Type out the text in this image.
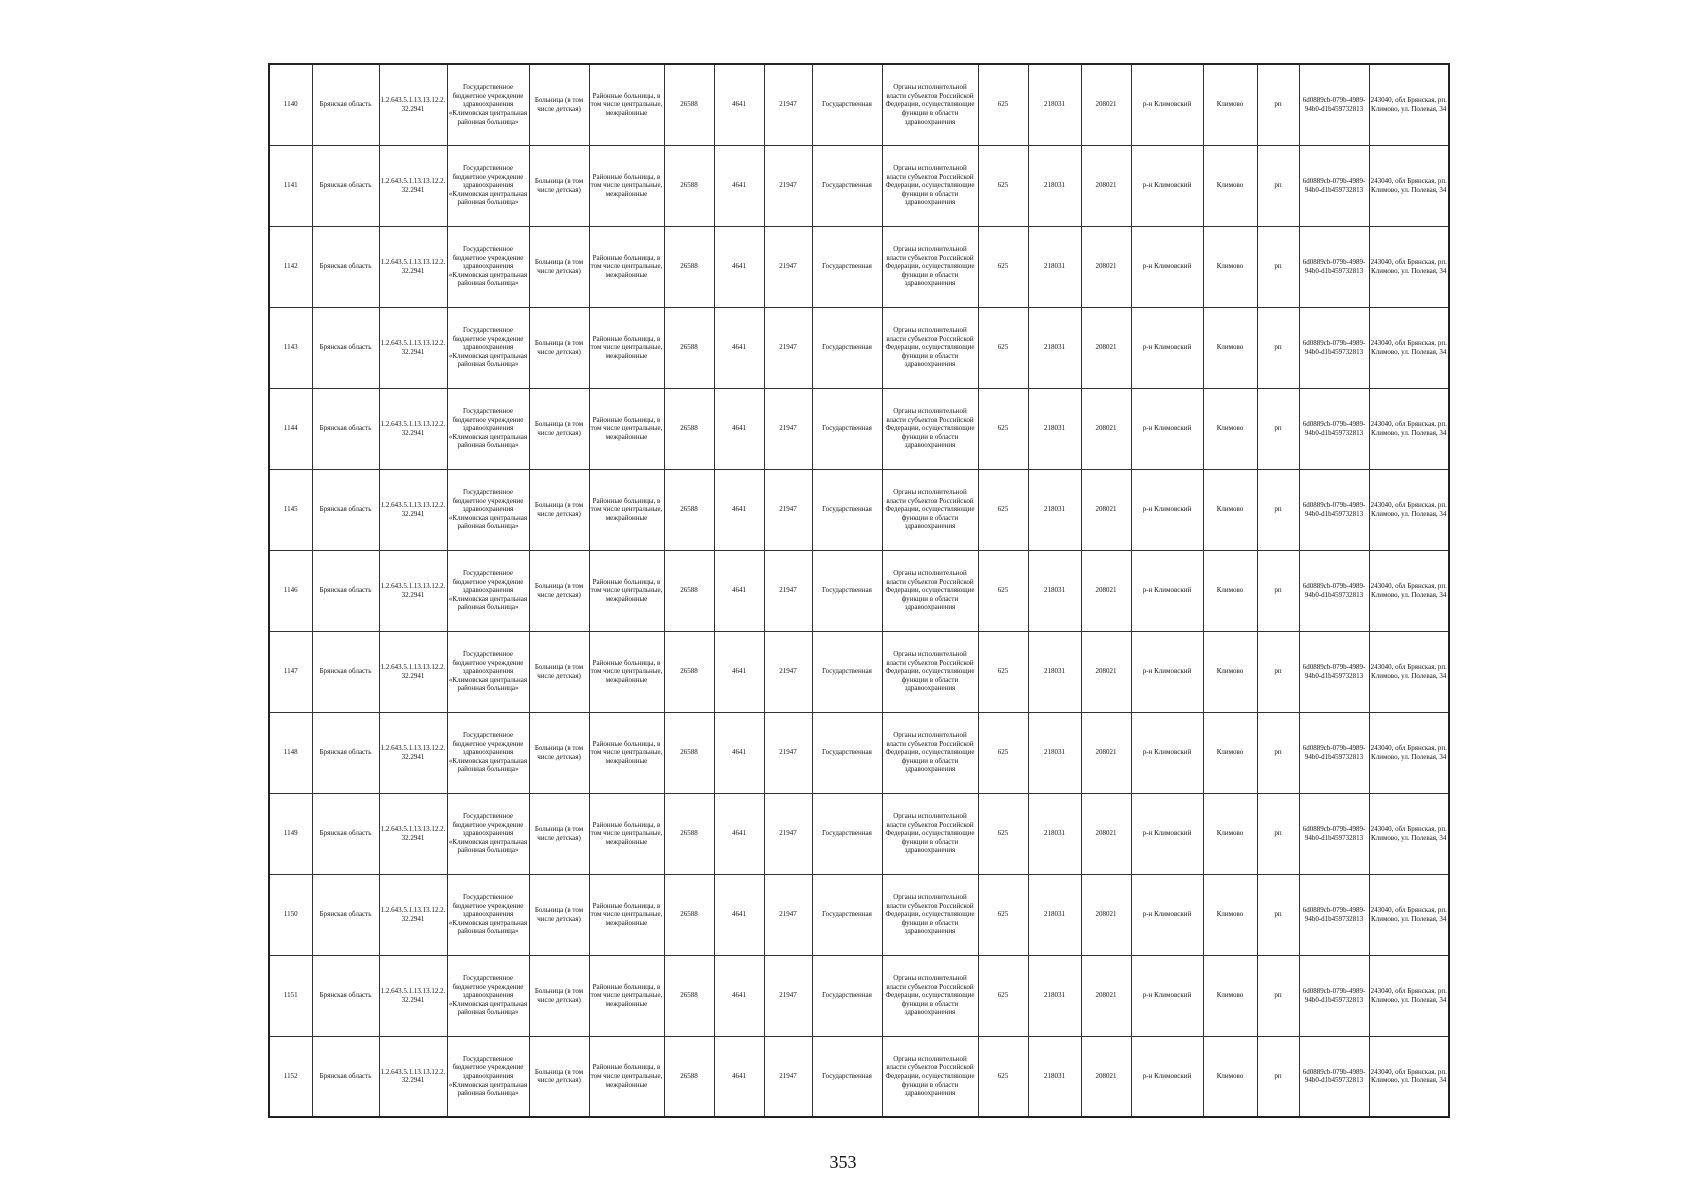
1140	Брянская область	1.2.643.5.1.13.13.12.2.32.2941	Государственное бюджетное учреждение здравоохранения «Климовская центральная районная больница»	Больница (в том числе детская)	Районные больницы, в том числе центральные, межрайонные	26588	4641	21947	Государственная	Органы исполнительной власти субъектов Российской Федерации, осуществляющие функции в области здравоохранения	625	218031	208021	р-н Климовский	Климово	рп	6d0889cb-079b-4989-94b0-d1b459732813	243040, обл Брянская, рп. Климово, ул. Полевая, 34
1141	Брянская область	1.2.643.5.1.13.13.12.2.32.2941	Государственное бюджетное учреждение здравоохранения «Климовская центральная районная больница»	Больница (в том числе детская)	Районные больницы, в том числе центральные, межрайонные	26588	4641	21947	Государственная	Органы исполнительной власти субъектов Российской Федерации, осуществляющие функции в области здравоохранения	625	218031	208021	р-н Климовский	Климово	рп	6d0889cb-079b-4989-94b0-d1b459732813	243040, обл Брянская, рп. Климово, ул. Полевая, 34
1142	Брянская область	1.2.643.5.1.13.13.12.2.32.2941	Государственное бюджетное учреждение здравоохранения «Климовская центральная районная больница»	Больница (в том числе детская)	Районные больницы, в том числе центральные, межрайонные	26588	4641	21947	Государственная	Органы исполнительной власти субъектов Российской Федерации, осуществляющие функции в области здравоохранения	625	218031	208021	р-н Климовский	Климово	рп	6d0889cb-079b-4989-94b0-d1b459732813	243040, обл Брянская, рп. Климово, ул. Полевая, 34
1143	Брянская область	1.2.643.5.1.13.13.12.2.32.2941	Государственное бюджетное учреждение здравоохранения «Климовская центральная районная больница»	Больница (в том числе детская)	Районные больницы, в том числе центральные, межрайонные	26588	4641	21947	Государственная	Органы исполнительной власти субъектов Российской Федерации, осуществляющие функции в области здравоохранения	625	218031	208021	р-н Климовский	Климово	рп	6d0889cb-079b-4989-94b0-d1b459732813	243040, обл Брянская, рп. Климово, ул. Полевая, 34
1144	Брянская область	1.2.643.5.1.13.13.12.2.32.2941	Государственное бюджетное учреждение здравоохранения «Климовская центральная районная больница»	Больница (в том числе детская)	Районные больницы, в том числе центральные, межрайонные	26588	4641	21947	Государственная	Органы исполнительной власти субъектов Российской Федерации, осуществляющие функции в области здравоохранения	625	218031	208021	р-н Климовский	Климово	рп	6d0889cb-079b-4989-94b0-d1b459732813	243040, обл Брянская, рп. Климово, ул. Полевая, 34
1145	Брянская область	1.2.643.5.1.13.13.12.2.32.2941	Государственное бюджетное учреждение здравоохранения «Климовская центральная районная больница»	Больница (в том числе детская)	Районные больницы, в том числе центральные, межрайонные	26588	4641	21947	Государственная	Органы исполнительной власти субъектов Российской Федерации, осуществляющие функции в области здравоохранения	625	218031	208021	р-н Климовский	Климово	рп	6d0889cb-079b-4989-94b0-d1b459732813	243040, обл Брянская, рп. Климово, ул. Полевая, 34
1146	Брянская область	1.2.643.5.1.13.13.12.2.32.2941	Государственное бюджетное учреждение здравоохранения «Климовская центральная районная больница»	Больница (в том числе детская)	Районные больницы, в том числе центральные, межрайонные	26588	4641	21947	Государственная	Органы исполнительной власти субъектов Российской Федерации, осуществляющие функции в области здравоохранения	625	218031	208021	р-н Климовский	Климово	рп	6d0889cb-079b-4989-94b0-d1b459732813	243040, обл Брянская, рп. Климово, ул. Полевая, 34
1147	Брянская область	1.2.643.5.1.13.13.12.2.32.2941	Государственное бюджетное учреждение здравоохранения «Климовская центральная районная больница»	Больница (в том числе детская)	Районные больницы, в том числе центральные, межрайонные	26588	4641	21947	Государственная	Органы исполнительной власти субъектов Российской Федерации, осуществляющие функции в области здравоохранения	625	218031	208021	р-н Климовский	Климово	рп	6d0889cb-079b-4989-94b0-d1b459732813	243040, обл Брянская, рп. Климово, ул. Полевая, 34
1148	Брянская область	1.2.643.5.1.13.13.12.2.32.2941	Государственное бюджетное учреждение здравоохранения «Климовская центральная районная больница»	Больница (в том числе детская)	Районные больницы, в том числе центральные, межрайонные	26588	4641	21947	Государственная	Органы исполнительной власти субъектов Российской Федерации, осуществляющие функции в области здравоохранения	625	218031	208021	р-н Климовский	Климово	рп	6d0889cb-079b-4989-94b0-d1b459732813	243040, обл Брянская, рп. Климово, ул. Полевая, 34
1149	Брянская область	1.2.643.5.1.13.13.12.2.32.2941	Государственное бюджетное учреждение здравоохранения «Климовская центральная районная больница»	Больница (в том числе детская)	Районные больницы, в том числе центральные, межрайонные	26588	4641	21947	Государственная	Органы исполнительной власти субъектов Российской Федерации, осуществляющие функции в области здравоохранения	625	218031	208021	р-н Климовский	Климово	рп	6d0889cb-079b-4989-94b0-d1b459732813	243040, обл Брянская, рп. Климово, ул. Полевая, 34
1150	Брянская область	1.2.643.5.1.13.13.12.2.32.2941	Государственное бюджетное учреждение здравоохранения «Климовская центральная районная больница»	Больница (в том числе детская)	Районные больницы, в том числе центральные, межрайонные	26588	4641	21947	Государственная	Органы исполнительной власти субъектов Российской Федерации, осуществляющие функции в области здравоохранения	625	218031	208021	р-н Климовский	Климово	рп	6d0889cb-079b-4989-94b0-d1b459732813	243040, обл Брянская, рп. Климово, ул. Полевая, 34
1151	Брянская область	1.2.643.5.1.13.13.12.2.32.2941	Государственное бюджетное учреждение здравоохранения «Климовская центральная районная больница»	Больница (в том числе детская)	Районные больницы, в том числе центральные, межрайонные	26588	4641	21947	Государственная	Органы исполнительной власти субъектов Российской Федерации, осуществляющие функции в области здравоохранения	625	218031	208021	р-н Климовский	Климово	рп	6d0889cb-079b-4989-94b0-d1b459732813	243040, обл Брянская, рп. Климово, ул. Полевая, 34
1152	Брянская область	1.2.643.5.1.13.13.12.2.32.2941	Государственное бюджетное учреждение здравоохранения «Климовская центральная районная больница»	Больница (в том числе детская)	Районные больницы, в том числе центральные, межрайонные	26588	4641	21947	Государственная	Органы исполнительной власти субъектов Российской Федерации, осуществляющие функции в области здравоохранения	625	218031	208021	р-н Климовский	Климово	рп	6d0889cb-079b-4989-94b0-d1b459732813	243040, обл Брянская, рп. Климово, ул. Полевая, 34
353
